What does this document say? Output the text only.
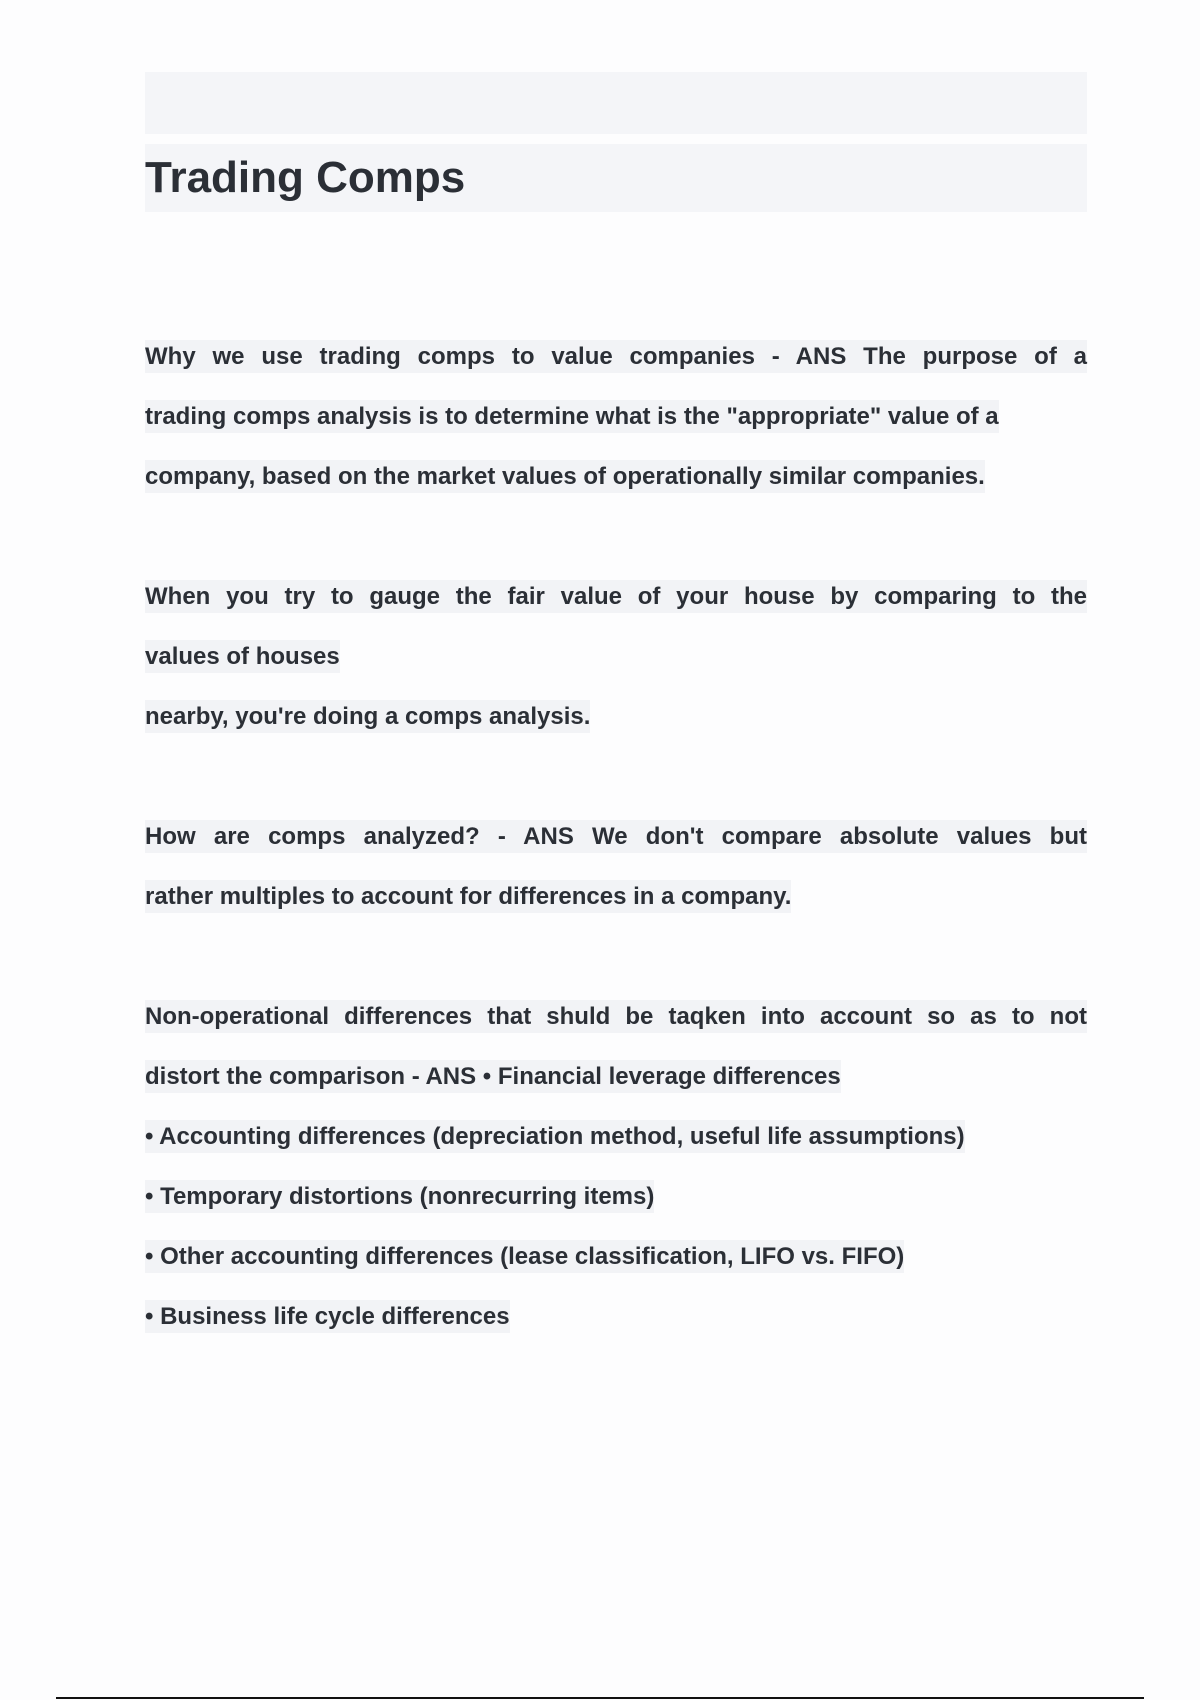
Trading Comps

Why we use trading comps to value companies - ANS The purpose of a
trading comps analysis is to determine what is the "appropriate" value of a
company, based on the market values of operationally similar companies.

When you try to gauge the fair value of your house by comparing to the
values of houses
nearby, you're doing a comps analysis.

How are comps analyzed? - ANS We don't compare absolute values but
rather multiples to account for differences in a company.

Non-operational differences that shuld be taqken into account so as to not
distort the comparison - ANS • Financial leverage differences
• Accounting differences (depreciation method, useful life assumptions)
• Temporary distortions (nonrecurring items)
• Other accounting differences (lease classification, LIFO vs. FIFO)
• Business life cycle differences
